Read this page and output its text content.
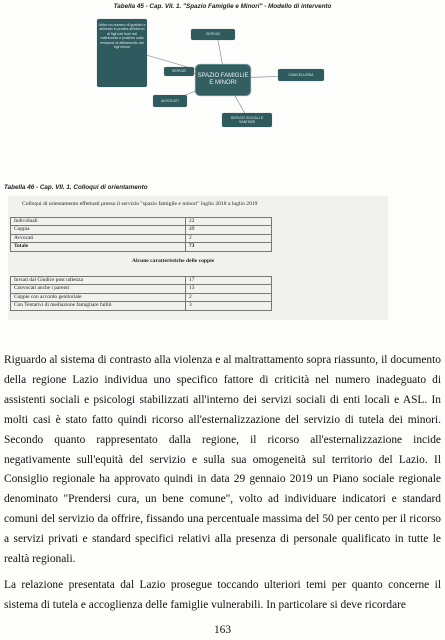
Tabella 45 - Cap. VII. 1. "Spazio Famiglie e Minori" - Modello di intervento
Attivo un numero di gratuito e allineato in pratica all'interno di figli nati fuori dal matrimonio e pratiche sulla revisione di affidamento dei figli minori
SERVIZI
SERVIZI
SPAZIO FAMIGLIE E MINORI
CANCELLERIA
AVVOCATI
SERVIZI SOCIALI E SANITARI
Tabella 46 - Cap. VII. 1. Colloqui di orientamento
Colloqui di orientamento effettuati presso il servizio "spazio famiglie e minori" luglio 2018 a luglio 2019
Individuali	22
Coppia	49
Avvocati	2
Totale	73
Alcune caratteristiche delle coppie
Inviati dal Giudice post udienza	17
Convocati anche i parenti	13
Coppie con accordo genitoriale	2
Con Tentativi di mediazione famigliare falliti	3

Riguardo al sistema di contrasto alla violenza e al maltrattamento sopra riassunto, il documento della regione Lazio individua uno specifico fattore di criticità nel numero inadeguato di assistenti sociali e psicologi stabilizzati all'interno dei servizi sociali di enti locali e ASL. In molti casi è stato fatto quindi ricorso all'esternalizzazione del servizio di tutela dei minori. Secondo quanto rappresentato dalla regione, il ricorso all'esternalizzazione incide negativamente sull'equità del servizio e sulla sua omogeneità sul territorio del Lazio. Il Consiglio regionale ha approvato quindi in data 29 gennaio 2019 un Piano sociale regionale denominato "Prendersi cura, un bene comune", volto ad individuare indicatori e standard comuni del servizio da offrire, fissando una percentuale massima del 50 per cento per il ricorso a servizi privati e standard specifici relativi alla presenza di personale qualificato in tutte le realtà regionali.

La relazione presentata dal Lazio prosegue toccando ulteriori temi per quanto concerne il sistema di tutela e accoglienza delle famiglie vulnerabili. In particolare si deve ricordare

163
